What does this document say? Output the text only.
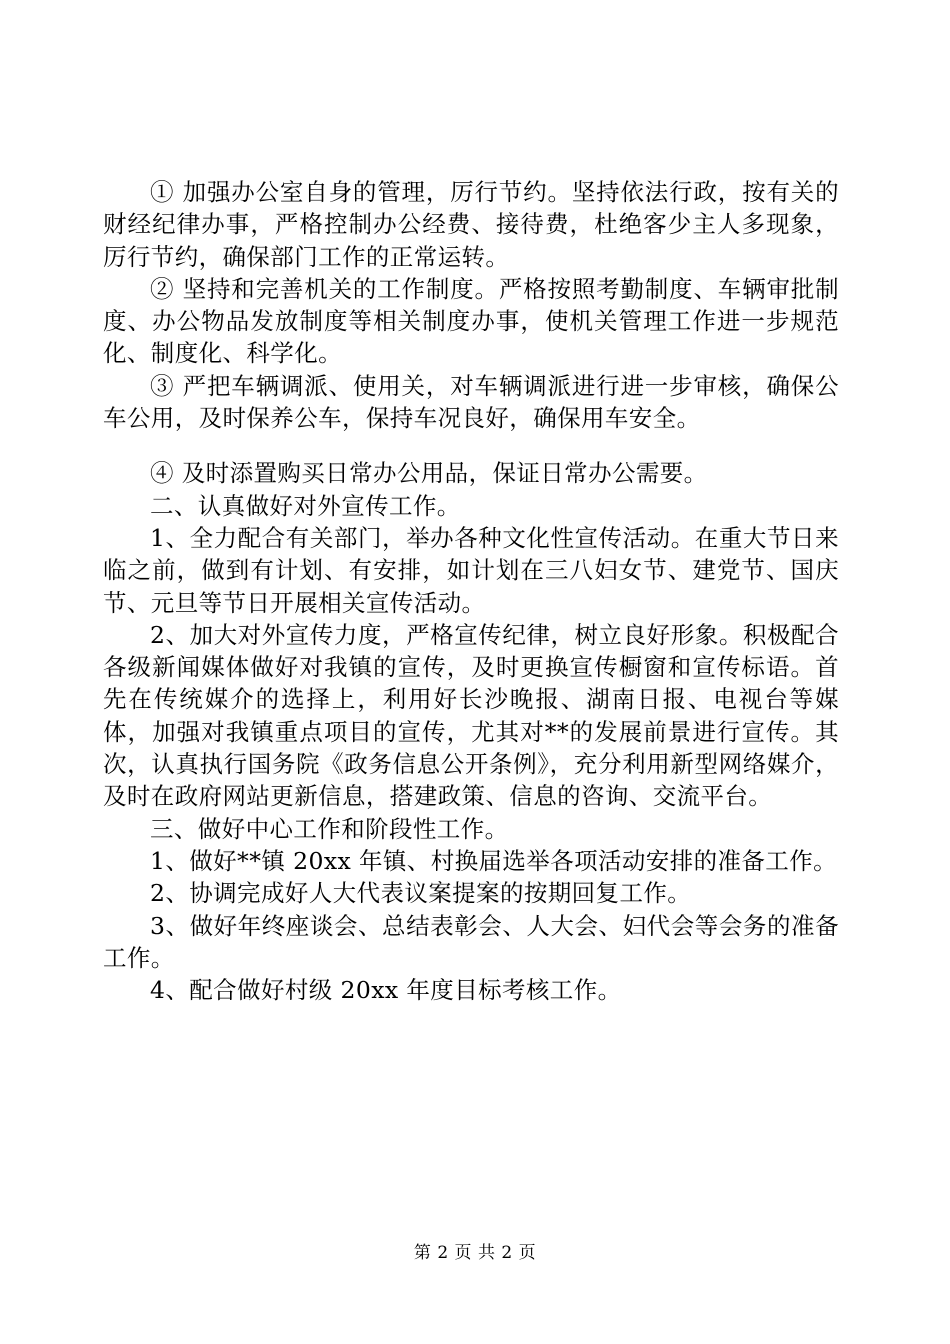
① 加强办公室自身的管理，厉行节约。坚持依法行政，按有关的财经纪律办事，严格控制办公经费、接待费，杜绝客少主人多现象，厉行节约，确保部门工作的正常运转。

② 坚持和完善机关的工作制度。严格按照考勤制度、车辆审批制度、办公物品发放制度等相关制度办事，使机关管理工作进一步规范化、制度化、科学化。

③ 严把车辆调派、使用关，对车辆调派进行进一步审核，确保公车公用，及时保养公车，保持车况良好，确保用车安全。

④ 及时添置购买日常办公用品，保证日常办公需要。

二、认真做好对外宣传工作。

1、全力配合有关部门，举办各种文化性宣传活动。在重大节日来临之前，做到有计划、有安排，如计划在三八妇女节、建党节、国庆节、元旦等节日开展相关宣传活动。

2、加大对外宣传力度，严格宣传纪律，树立良好形象。积极配合各级新闻媒体做好对我镇的宣传，及时更换宣传橱窗和宣传标语。首先在传统媒介的选择上，利用好长沙晚报、湖南日报、电视台等媒体，加强对我镇重点项目的宣传，尤其对**的发展前景进行宣传。其次，认真执行国务院《政务信息公开条例》，充分利用新型网络媒介，及时在政府网站更新信息，搭建政策、信息的咨询、交流平台。

三、做好中心工作和阶段性工作。

1、做好**镇 20xx 年镇、村换届选举各项活动安排的准备工作。

2、协调完成好人大代表议案提案的按期回复工作。

3、做好年终座谈会、总结表彰会、人大会、妇代会等会务的准备工作。

4、配合做好村级 20xx 年度目标考核工作。

第 2 页 共 2 页
